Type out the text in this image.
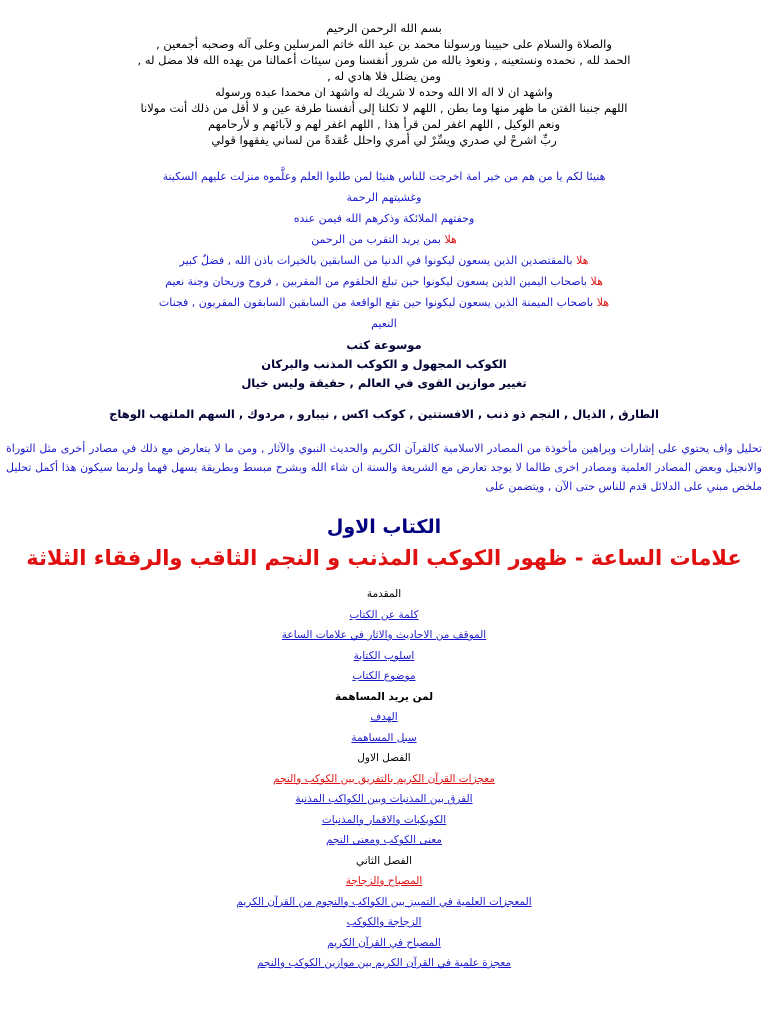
بسم الله الرحمن الرحيم
والصلاة والسلام على حبيبنا ورسولنا محمد بن عبد الله خاتم المرسلين وعلى آله وصحبه أجمعين ,
الحمد لله , نحمده ونستعينه , ونعوذ بالله من شرور أنفسنا ومن سيئات أعمالنا من يهده الله فلا مضل له ,
ومن يضلل فلا هادي له ,
واشهد ان لا اله الا الله وحده لا شريك له واشهد ان محمدا عبده ورسوله
اللهم جنبنا الفتن ما ظهر منها وما بطن , اللهم لا تكلنا إلى أنفسنا طرفة عين و لا أقل من ذلك أنت مولانا
ونعم الوكيل , اللهم اغفر لمن قرأ هذا , اللهم اغفر لهم و لآبائهم و لأرحامهم
ربِّ اشرحْ لي صدري ويسِّرْ لي أمري واحلل عُقدةً من لساني يفقهوا قولي
هنيئا لكم يا من هم من خير امة اخرجت للناس هنيئا لمن طلبوا العلم وعلَّموه منزلت عليهم السكينة
وغشيتهم الرحمة
وحفتهم الملائكة وذكرهم الله فيمن عنده
هلا بمن يريد التقرب من الرحمن
هلا بالمقتصدين الذين يسعون ليكونوا في الدنيا من السابقين بالخيرات باذن الله , فضلٌ كبير
هلا باصحاب اليمين الذين يسعون ليكونوا حين تبلغ الحلقوم من المقربين , فروح وريحان وجنة نعيم
هلا باصحاب الميمنة الذين يسعون ليكونوا حين تقع الواقعة من السابقين السابقون المقربون , فجنات
النعيم
موسوعة كتب
الكوكب المجهول و الكوكب المذنب والبركان
تغيير موازين القوى في العالم , حقيقة وليس خيال
الطارق , الذيال , النجم ذو ذنب , الافستتين , كوكب اكس , نيبارو , مردوك , السهم الملتهب الوهاج
تحليل واف يحتوي على إشارات وبراهين مأخوذة من المصادر الاسلامية كالقرآن الكريم والحديث النبوي والآثار , ومن ما لا يتعارض مع ذلك في مصادر أخرى مثل التوراة والانجيل وبعض المصادر العلمية ومصادر اخرى طالما لا يوجد تعارض مع الشريعة والسنة ان شاء الله وبشرح مبسط وبطريقة يسهل فهما ولربما سيكون هذا أكمل تحليل ملخص مبني على الدلائل قدم للناس حتى الآن , ويتضمن على
الكتاب الاول
علامات الساعة - ظهور الكوكب المذنب و النجم الثاقب والرفقاء الثلاثة
المقدمة
كلمة عن الكتاب
الموقف من الاحاديث والاثار في علامات الساعة
اسلوب الكتابة
موضوع الكتاب
لمن يريد المساهمة
الهدف
سبل المساهمة
الفصل الاول
معجزات القرآن الكريم بالتفريق بين الكوكب والنجم
الفرق بين المذنبات وبين الكواكب المذنبة
الكويكبات والاقمار والمذنبات
معنى الكوكب ومعنى النجم
الفصل الثاني
المصباح والزجاجة
المعجزات العلمية في التمييز بين الكواكب والنجوم من القرآن الكريم
الزجاجة والكوكب
المصباح في القرآن الكريم
معجزة علمية في القرآن الكريم بين موازين الكوكب والنجم
